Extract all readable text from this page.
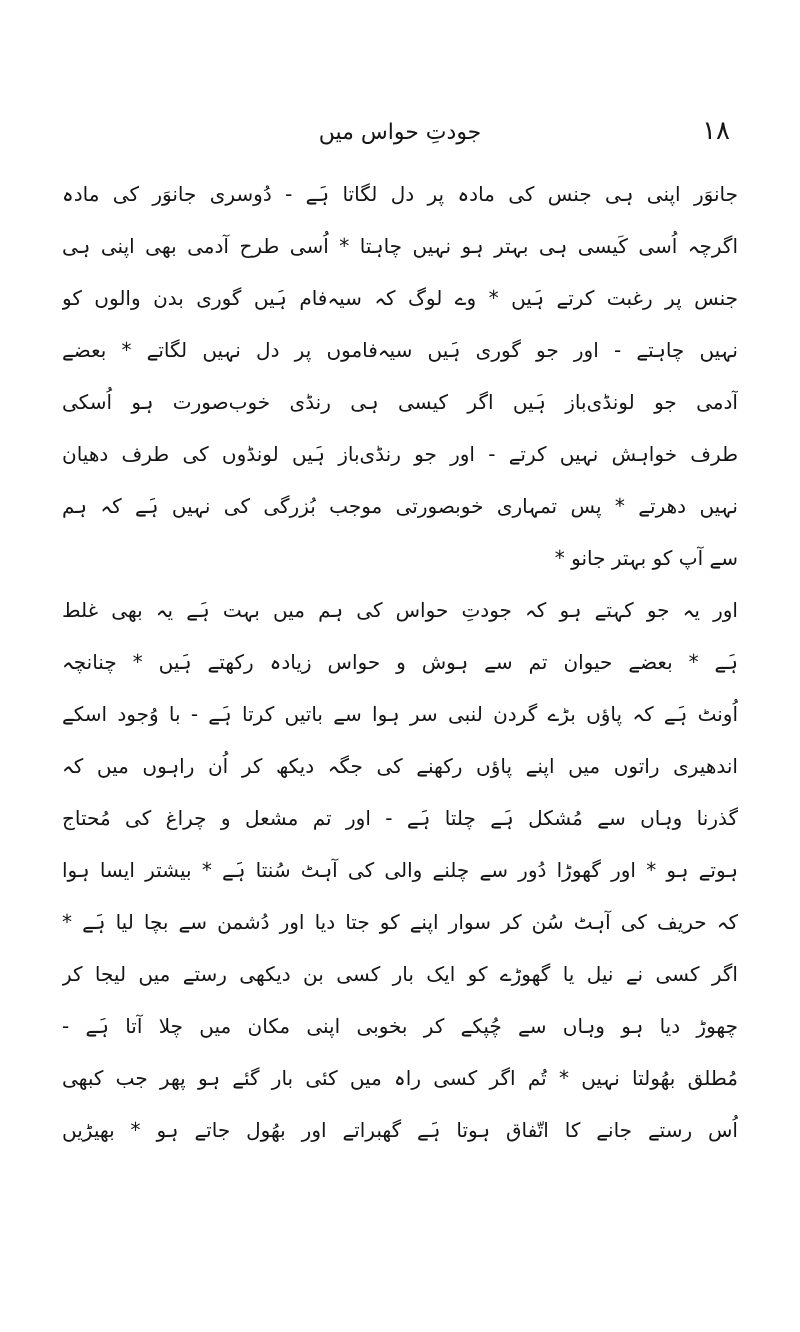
١٨
جودتِ حواس میں
جانوَر اپنی ہی جنس کی مادہ پر دل لگاتا ہَے - دُوسری جانوَر کی مادہ
اگرچہ اُسی کَیسی ہی بہتر ہو نہیں چاہتا * اُسی طرح آدمی بھی اپنی ہی
جنس پر رغبت کرتے ہَیں * وے لوگ کہ سیہ‌فام ہَیں گوری بدن والوں کو
نہیں چاہتے - اور جو گوری ہَیں سیہ‌فاموں پر دل نہیں لگاتے * بعضے
آدمی جو لونڈی‌باز ہَیں اگر کیسی ہی رنڈی خوب‌صورت ہو اُسکی
طرف خواہش نہیں کرتے - اور جو رنڈی‌باز ہَیں لونڈوں کی طرف دھیان
نہیں دھرتے * پس تمہاری خوبصورتی موجب بُزرگی کی نہیں ہَے کہ ہم
سے آپ کو بہتر جانو *
اور یہ جو کہتے ہو کہ جودتِ حواس کی ہم میں بہت ہَے یہ بھی غلط
ہَے * بعضے حیوان تم سے ہوش و حواس زیادہ رکھتے ہَیں * چنانچہ
اُونٹ ہَے کہ پاؤں بڑے گردن لنبی سر ہوا سے باتیں کرتا ہَے - با وُجود اسکے
اندھیری راتوں میں اپنے پاؤں رکھنے کی جگہ دیکھ کر اُن راہوں میں کہ
گذرنا وہاں سے مُشکل ہَے چلتا ہَے - اور تم مشعل و چراغ کی مُحتاج
ہوتے ہو * اور گھوڑا دُور سے چلنے والی کی آہٹ سُنتا ہَے * بیشتر ایسا ہوا
کہ حریف کی آہٹ سُن کر سوار اپنے کو جتا دیا اور دُشمن سے بچا لیا ہَے *
اگر کسی نے نیل یا گھوڑے کو ایک بار کسی بن دیکھی رستے میں لیجا کر
چھوڑ دیا ہو وہاں سے چُپکے کر بخوبی اپنی مکان میں چلا آتا ہَے -
مُطلق بھُولتا نہیں * تُم اگر کسی راہ میں کئی بار گئے ہو پھر جب کبھی
اُس رستے جانے کا اتّفاق ہوتا ہَے گھبراتے اور بھُول جاتے ہو * بھیڑیں
